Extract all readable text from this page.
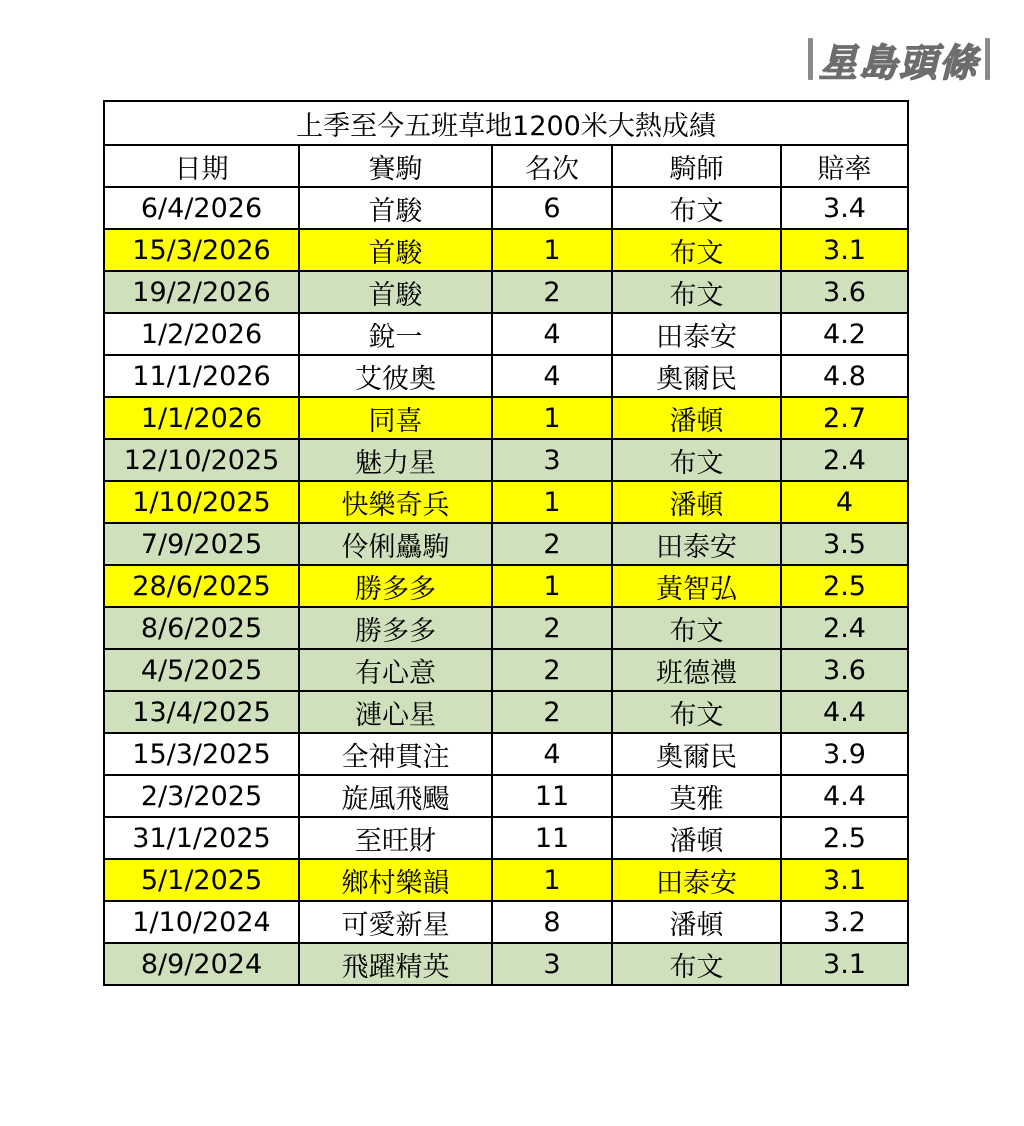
星島頭條
上季至今五班草地1200米大熱成績				
日期	賽駒	名次	騎師	賠率
6/4/2026	首駿	6	布文	3.4
15/3/2026	首駿	1	布文	3.1
19/2/2026	首駿	2	布文	3.6
1/2/2026	銳一	4	田泰安	4.2
11/1/2026	艾彼奧	4	奧爾民	4.8
1/1/2026	同喜	1	潘頓	2.7
12/10/2025	魅力星	3	布文	2.4
1/10/2025	快樂奇兵	1	潘頓	4
7/9/2025	伶俐驫駒	2	田泰安	3.5
28/6/2025	勝多多	1	黃智弘	2.5
8/6/2025	勝多多	2	布文	2.4
4/5/2025	有心意	2	班德禮	3.6
13/4/2025	漣心星	2	布文	4.4
15/3/2025	全神貫注	4	奧爾民	3.9
2/3/2025	旋風飛颺	11	莫雅	4.4
31/1/2025	至旺財	11	潘頓	2.5
5/1/2025	鄉村樂韻	1	田泰安	3.1
1/10/2024	可愛新星	8	潘頓	3.2
8/9/2024	飛躍精英	3	布文	3.1
